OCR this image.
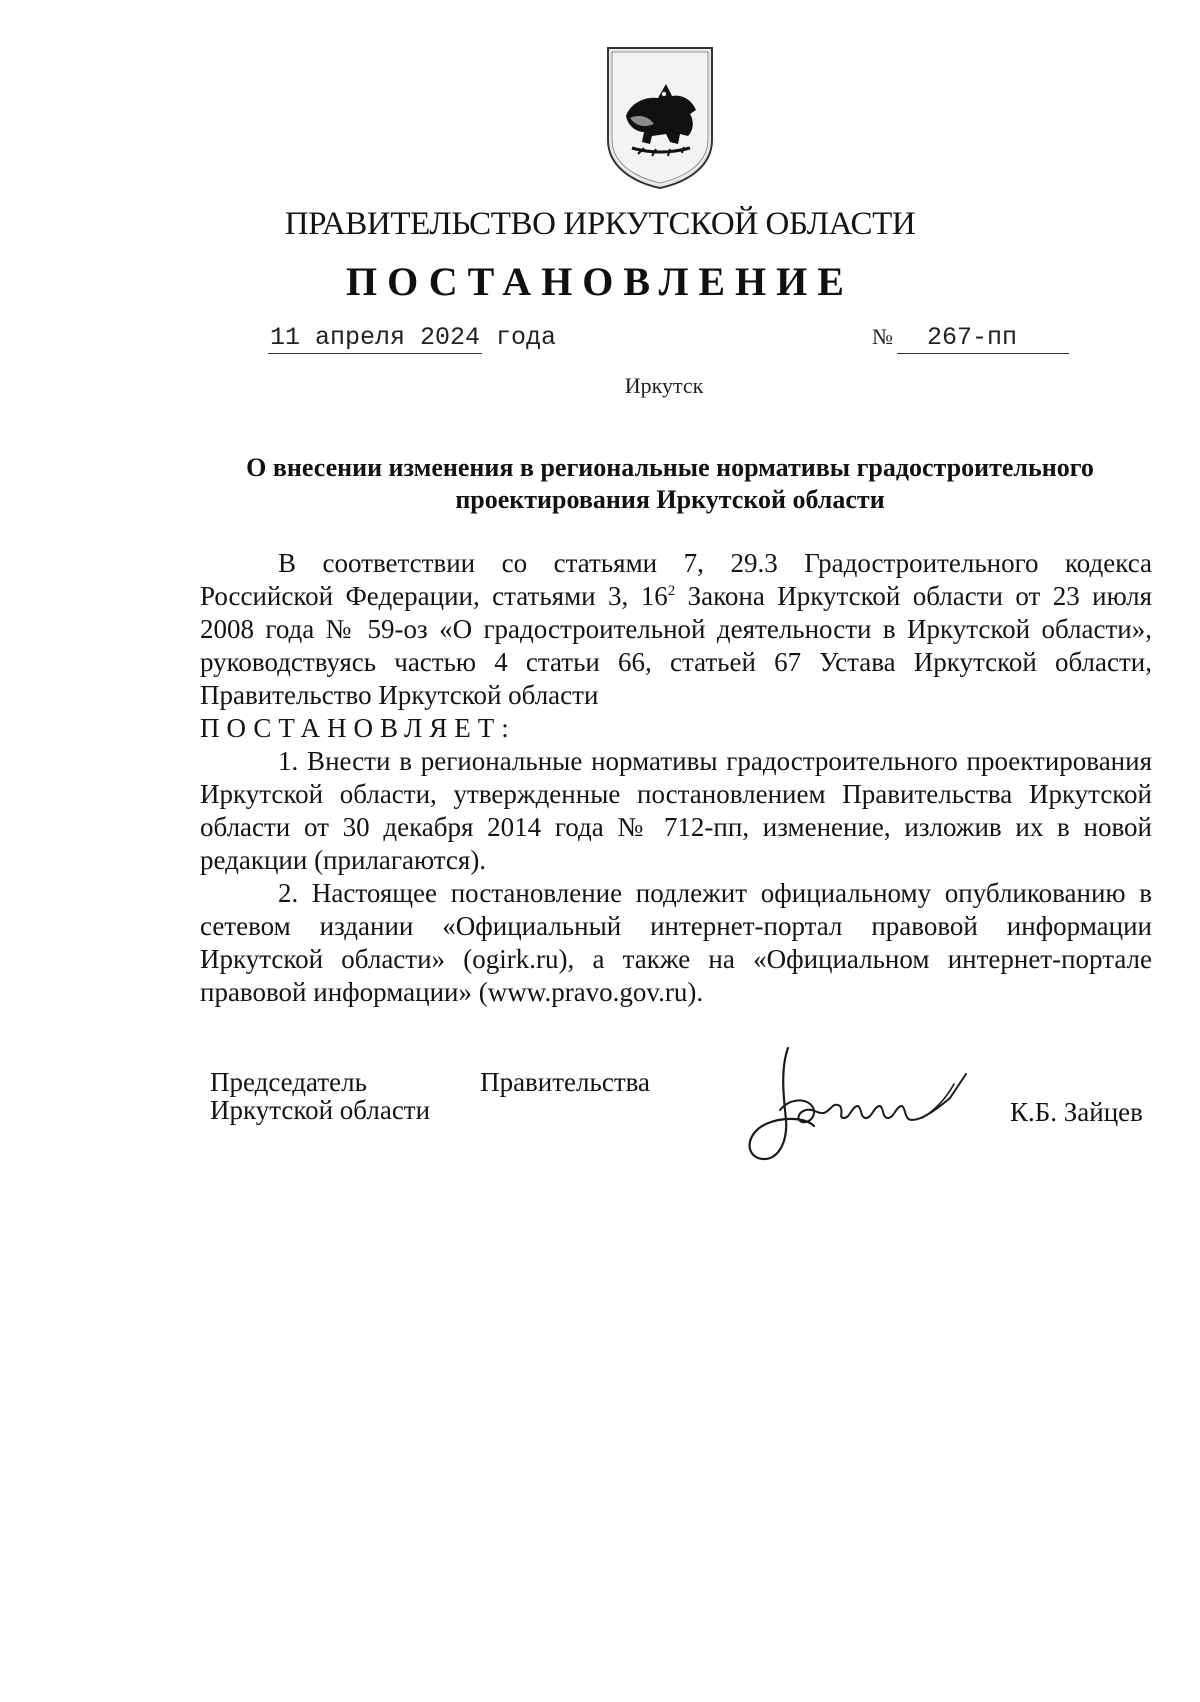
ПРАВИТЕЛЬСТВО ИРКУТСКОЙ ОБЛАСТИ
ПОСТАНОВЛЕНИЕ
11 апреля 2024 года	№ 267-пп
Иркутск
О внесении изменения в региональные нормативы градостроительного проектирования Иркутской области

В соответствии со статьями 7, 29.3 Градостроительного кодекса Российской Федерации, статьями 3, $16^2$ Закона Иркутской области от 23 июля 2008 года № 59-оз «О градостроительной деятельности в Иркутской области», руководствуясь частью 4 статьи 66, статьей 67 Устава Иркутской области, Правительство Иркутской области

ПОСТАНОВЛЯЕТ:

1. Внести в региональные нормативы градостроительного проектирования Иркутской области, утвержденные постановлением Правительства Иркутской области от 30 декабря 2014 года № 712-пп, изменение, изложив их в новой редакции (прилагаются).

2. Настоящее постановление подлежит официальному опубликованию в сетевом издании «Официальный интернет-портал правовой информации Иркутской области» (ogirk.ru), а также на «Официальном интернет-портале правовой информации» (www.pravo.gov.ru).

Председатель	Правительства
Иркутской области	К.Б. Зайцев
